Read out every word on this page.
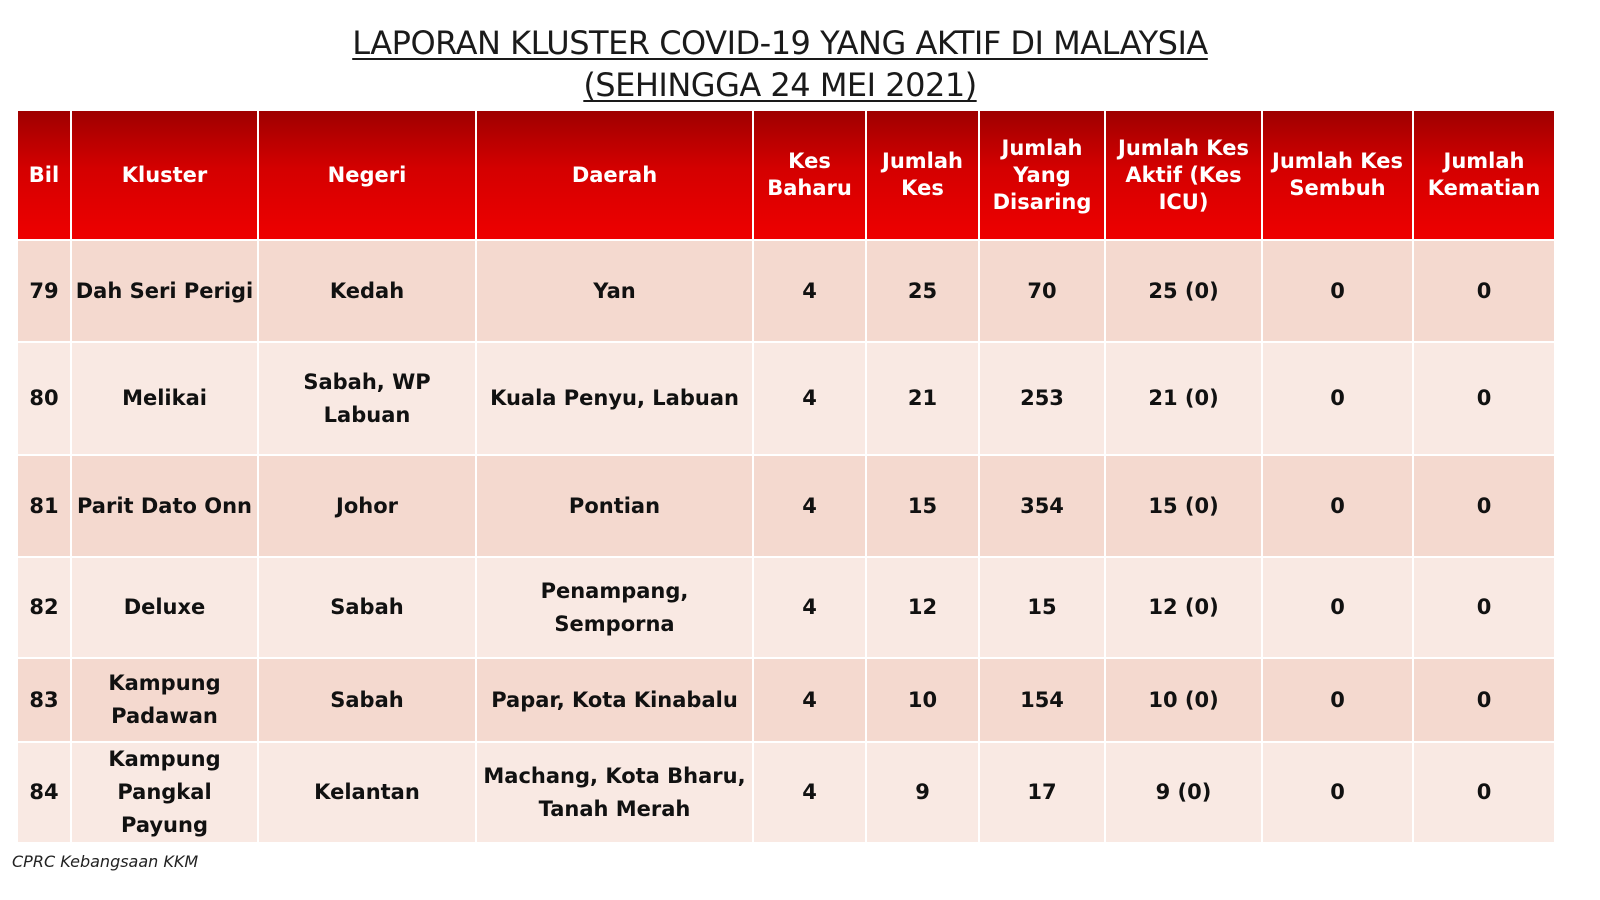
LAPORAN KLUSTER COVID-19 YANG AKTIF DI MALAYSIA
(SEHINGGA 24 MEI 2021)
Bil	Kluster	Negeri	Daerah	Kes Baharu	Jumlah Kes	Jumlah Yang Disaring	Jumlah Kes Aktif (Kes ICU)	Jumlah Kes Sembuh	Jumlah Kematian
79	Dah Seri Perigi	Kedah	Yan	4	25	70	25 (0)	0	0
80	Melikai	Sabah, WP Labuan	Kuala Penyu, Labuan	4	21	253	21 (0)	0	0
81	Parit Dato Onn	Johor	Pontian	4	15	354	15 (0)	0	0
82	Deluxe	Sabah	Penampang, Semporna	4	12	15	12 (0)	0	0
83	Kampung Padawan	Sabah	Papar, Kota Kinabalu	4	10	154	10 (0)	0	0
84	Kampung Pangkal Payung	Kelantan	Machang, Kota Bharu, Tanah Merah	4	9	17	9 (0)	0	0
CPRC Kebangsaan KKM
